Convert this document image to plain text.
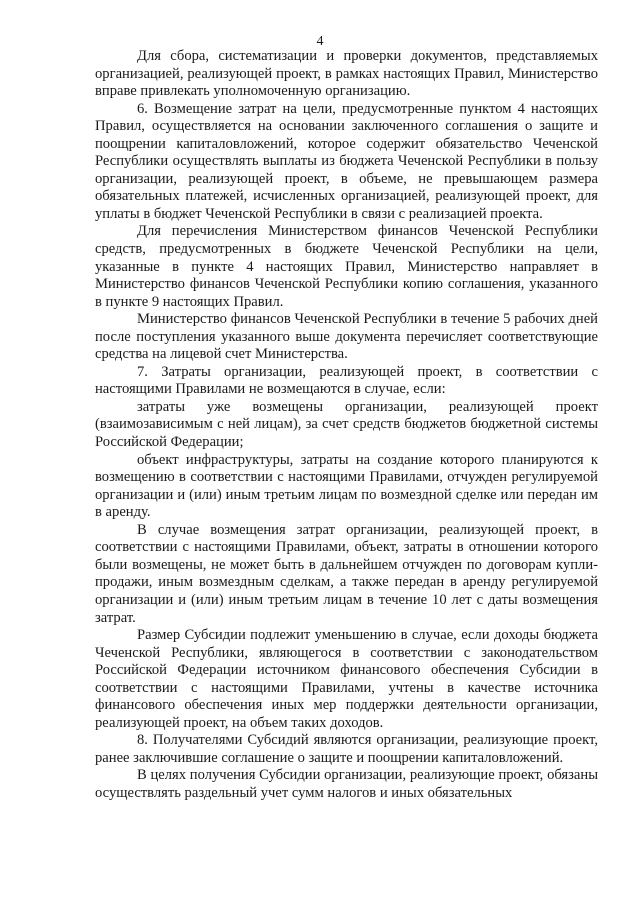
4

Для сбора, систематизации и проверки документов, представляемых организацией, реализующей проект, в рамках настоящих Правил, Министерство вправе привлекать уполномоченную организацию.

6. Возмещение затрат на цели, предусмотренные пунктом 4 настоящих Правил, осуществляется на основании заключенного соглашения о защите и поощрении капиталовложений, которое содержит обязательство Чеченской Республики осуществлять выплаты из бюджета Чеченской Республики в пользу организации, реализующей проект, в объеме, не превышающем размера обязательных платежей, исчисленных организацией, реализующей проект, для уплаты в бюджет Чеченской Республики в связи с реализацией проекта.

Для перечисления Министерством финансов Чеченской Республики средств, предусмотренных в бюджете Чеченской Республики на цели, указанные в пункте 4 настоящих Правил, Министерство направляет в Министерство финансов Чеченской Республики копию соглашения, указанного в пункте 9 настоящих Правил.

Министерство финансов Чеченской Республики в течение 5 рабочих дней после поступления указанного выше документа перечисляет соответствующие средства на лицевой счет Министерства.

7. Затраты организации, реализующей проект, в соответствии с настоящими Правилами не возмещаются в случае, если:

затраты уже возмещены организации, реализующей проект (взаимозависимым с ней лицам), за счет средств бюджетов бюджетной системы Российской Федерации;

объект инфраструктуры, затраты на создание которого планируются к возмещению в соответствии с настоящими Правилами, отчужден регулируемой организации и (или) иным третьим лицам по возмездной сделке или передан им в аренду.

В случае возмещения затрат организации, реализующей проект, в соответствии с настоящими Правилами, объект, затраты в отношении которого были возмещены, не может быть в дальнейшем отчужден по договорам купли-продажи, иным возмездным сделкам, а также передан в аренду регулируемой организации и (или) иным третьим лицам в течение 10 лет с даты возмещения затрат.

Размер Субсидии подлежит уменьшению в случае, если доходы бюджета Чеченской Республики, являющегося в соответствии с законодательством Российской Федерации источником финансового обеспечения Субсидии в соответствии с настоящими Правилами, учтены в качестве источника финансового обеспечения иных мер поддержки деятельности организации, реализующей проект, на объем таких доходов.

8. Получателями Субсидий являются организации, реализующие проект, ранее заключившие соглашение о защите и поощрении капиталовложений.

В целях получения Субсидии организации, реализующие проект, обязаны осуществлять раздельный учет сумм налогов и иных обязательных
